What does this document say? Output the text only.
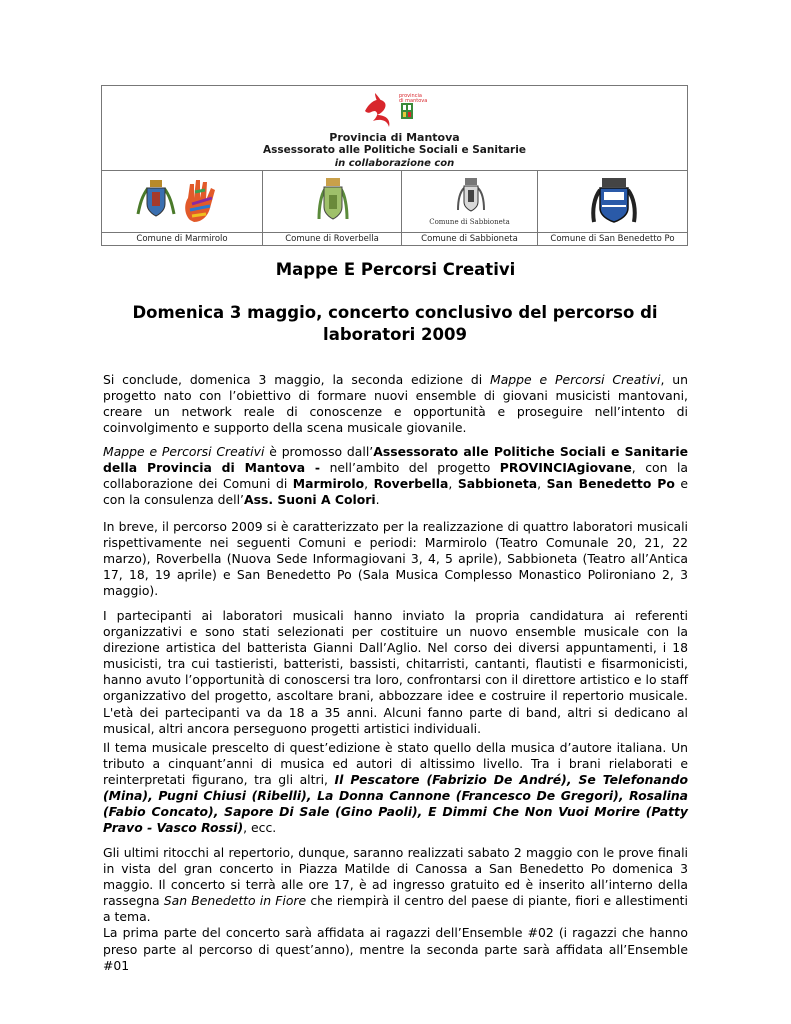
provincia
di mantova
Provincia di Mantova
Assessorato alle Politiche Sociali e Sanitarie
in collaborazione con
Comune di Marmirolo	Comune di Roverbella
Comune di Sabbioneta
Comune di Sabbioneta	Comune di San Benedetto Po
Mappe E Percorsi Creativi
Domenica 3 maggio, concerto conclusivo del percorso di laboratori 2009

Si conclude, domenica 3 maggio, la seconda edizione di Mappe e Percorsi Creativi, un progetto nato con l’obiettivo di formare nuovi ensemble di giovani musicisti mantovani, creare un network reale di conoscenze e opportunità e proseguire nell’intento di coinvolgimento e supporto della scena musicale giovanile.

Mappe e Percorsi Creativi è promosso dall’Assessorato alle Politiche Sociali e Sanitarie della Provincia di Mantova - nell’ambito del progetto PROVINCIAgiovane, con la collaborazione dei Comuni di Marmirolo, Roverbella, Sabbioneta, San Benedetto Po e con la consulenza dell’Ass. Suoni A Colori.

In breve, il percorso 2009 si è caratterizzato per la realizzazione di quattro laboratori musicali rispettivamente nei seguenti Comuni e periodi: Marmirolo (Teatro Comunale 20, 21, 22 marzo), Roverbella (Nuova Sede Informagiovani 3, 4, 5 aprile), Sabbioneta (Teatro all’Antica 17, 18, 19 aprile) e San Benedetto Po (Sala Musica Complesso Monastico Polironiano 2, 3 maggio).

I partecipanti ai laboratori musicali hanno inviato la propria candidatura ai referenti organizzativi e sono stati selezionati per costituire un nuovo ensemble musicale con la direzione artistica del batterista Gianni Dall’Aglio. Nel corso dei diversi appuntamenti, i 18 musicisti, tra cui tastieristi, batteristi, bassisti, chitarristi, cantanti, flautisti e fisarmonicisti, hanno avuto l’opportunità di conoscersi tra loro, confrontarsi con il direttore artistico e lo staff organizzativo del progetto, ascoltare brani, abbozzare idee e costruire il repertorio musicale. L'età dei partecipanti va da 18 a 35 anni. Alcuni fanno parte di band, altri si dedicano al musical, altri ancora perseguono progetti artistici individuali.

Il tema musicale prescelto di quest’edizione è stato quello della musica d’autore italiana. Un tributo a cinquant’anni di musica ed autori di altissimo livello. Tra i brani rielaborati e reinterpretati figurano, tra gli altri, Il Pescatore (Fabrizio De André), Se Telefonando (Mina), Pugni Chiusi (Ribelli), La Donna Cannone (Francesco De Gregori), Rosalina (Fabio Concato), Sapore Di Sale (Gino Paoli), E Dimmi Che Non Vuoi Morire (Patty Pravo - Vasco Rossi), ecc.

Gli ultimi ritocchi al repertorio, dunque, saranno realizzati sabato 2 maggio con le prove finali in vista del gran concerto in Piazza Matilde di Canossa a San Benedetto Po domenica 3 maggio. Il concerto si terrà alle ore 17, è ad ingresso gratuito ed è inserito all’interno della rassegna San Benedetto in Fiore che riempirà il centro del paese di piante, fiori e allestimenti a tema.
La prima parte del concerto sarà affidata ai ragazzi dell’Ensemble #02 (i ragazzi che hanno preso parte al percorso di quest’anno), mentre la seconda parte sarà affidata all’Ensemble #01
